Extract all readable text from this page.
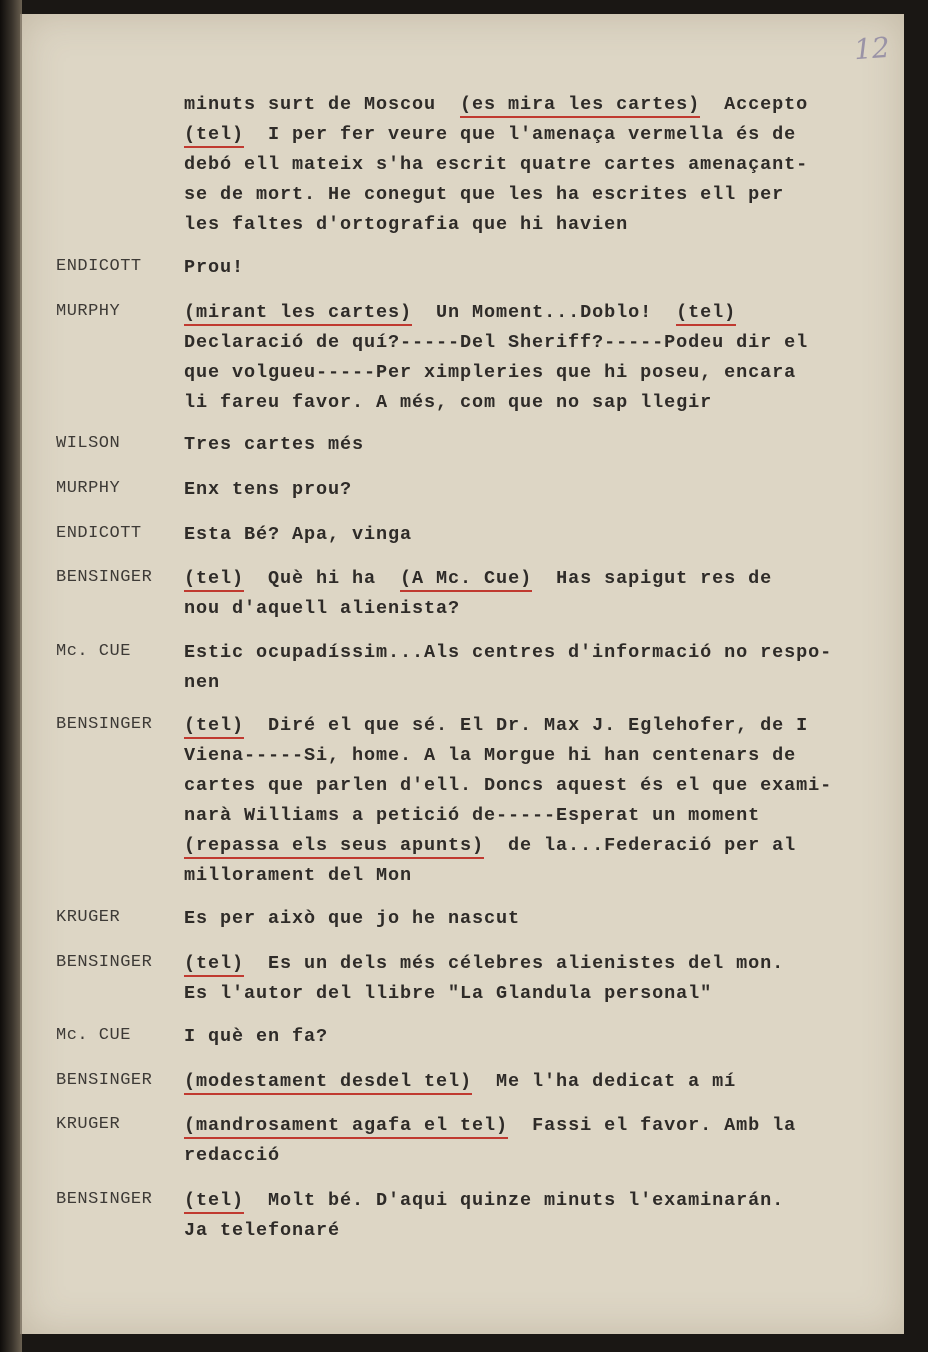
12
minuts surt de Moscou  (es mira les cartes)  Accepto
(tel)  I per fer veure que l'amenaça vermella és de
debó ell mateix s'ha escrit quatre cartes amenaçant-
se de mort. He conegut que les ha escrites ell per
les faltes d'ortografia que hi havien
ENDICOTT Prou!
MURPHY	(mirant les cartes)  Un Moment...Doblo!  (tel)
Declaració de quí?-----Del Sheriff?-----Podeu dir el
que volgueu-----Per ximpleries que hi poseu, encara
li fareu favor. A més, com que no sap llegir
WILSON	Tres cartes més
MURPHY	Enx tens prou?
ENDICOTT Esta Bé? Apa, vinga
BENSINGER (tel)  Què hi ha  (A Mc. Cue)  Has sapigut res de
nou d'aquell alienista?
Mc. CUE	Estic ocupadíssim...Als centres d'informació no respo-
nen
BENSINGER (tel)  Diré el que sé. El Dr. Max J. Eglehofer, de I
Viena-----Si, home. A la Morgue hi han centenars de
cartes que parlen d'ell. Doncs aquest és el que exami-
narà Williams a petició de-----Esperat un moment
(repassa els seus apunts)  de la...Federació per al
millorament del Mon
KRUGER	Es per això que jo he nascut
BENSINGER (tel)  Es un dels més célebres alienistes del mon.
Es l'autor del llibre "La Glandula personal"
Mc. CUE	I què en fa?
BENSINGER (modestament desdel tel)  Me l'ha dedicat a mí
KRUGER	(mandrosament agafa el tel)  Fassi el favor. Amb la
redacció
BENSINGER (tel)  Molt bé. D'aqui quinze minuts l'examinarán.
Ja telefonaré
